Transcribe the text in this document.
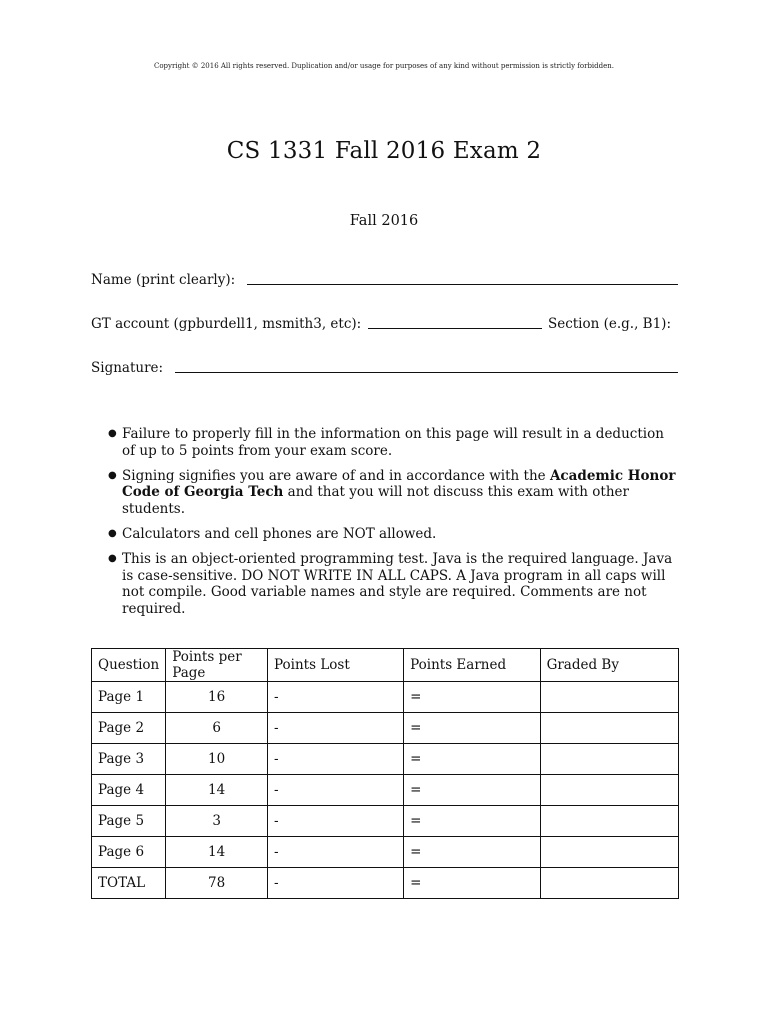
Copyright © 2016 All rights reserved. Duplication and/or usage for purposes of any kind without permission is strictly forbidden.
CS 1331 Fall 2016 Exam 2
Fall 2016
Name (print clearly):
GT account (gpburdell1, msmith3, etc):	Section (e.g., B1):
Signature:
● Failure to properly fill in the information on this page will result in a deduction of up to 5 points from your exam score.
● Signing signifies you are aware of and in accordance with the Academic Honor Code of Georgia Tech and that you will not discuss this exam with other students.
● Calculators and cell phones are NOT allowed.
● This is an object-oriented programming test. Java is the required language. Java is case-sensitive. DO NOT WRITE IN ALL CAPS. A Java program in all caps will not compile. Good variable names and style are required. Comments are not required.
Question	Points per Page	Points Lost	Points Earned	Graded By
Page 1	16	-	=	
Page 2	6	-	=	
Page 3	10	-	=	
Page 4	14	-	=	
Page 5	3	-	=	
Page 6	14	-	=	
TOTAL	78	-	=	
